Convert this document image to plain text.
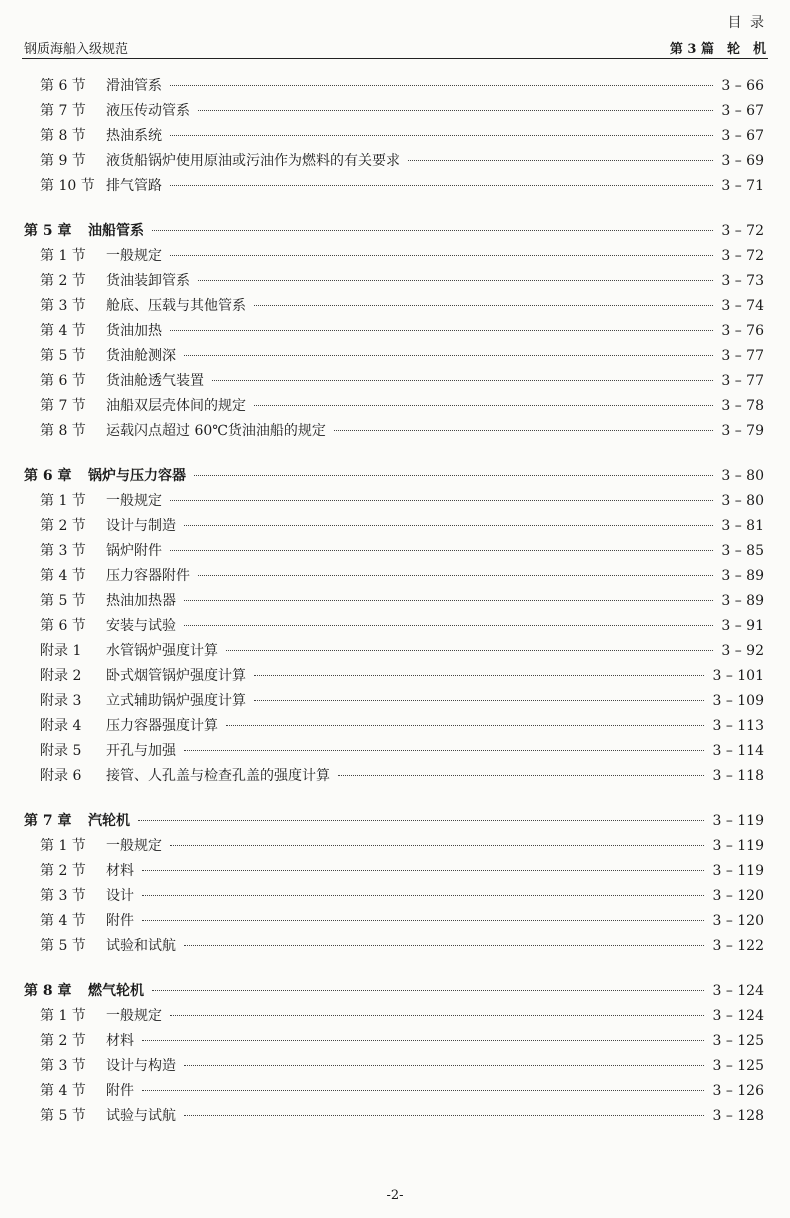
目 录
钢质海船入级规范	第 3 篇　轮　机
第 6 节	滑油管系	3 – 66
第 7 节	液压传动管系	3 – 67
第 8 节	热油系统	3 – 67
第 9 节	液货船锅炉使用原油或污油作为燃料的有关要求	3 – 69
第 10 节 排气管路	3 – 71
第 5 章	油船管系	3 – 72
第 1 节	一般规定	3 – 72
第 2 节	货油装卸管系	3 – 73
第 3 节	舱底、压载与其他管系	3 – 74
第 4 节	货油加热	3 – 76
第 5 节	货油舱测深	3 – 77
第 6 节	货油舱透气装置	3 – 77
第 7 节	油船双层壳体间的规定	3 – 78
第 8 节	运载闪点超过 60℃货油油船的规定	3 – 79
第 6 章	锅炉与压力容器	3 – 80
第 1 节	一般规定	3 – 80
第 2 节	设计与制造	3 – 81
第 3 节	锅炉附件	3 – 85
第 4 节	压力容器附件	3 – 89
第 5 节	热油加热器	3 – 89
第 6 节	安装与试验	3 – 91
附录 1	水管锅炉强度计算	3 – 92
附录 2	卧式烟管锅炉强度计算	3 – 101
附录 3	立式辅助锅炉强度计算	3 – 109
附录 4	压力容器强度计算	3 – 113
附录 5	开孔与加强	3 – 114
附录 6	接管、人孔盖与检查孔盖的强度计算	3 – 118
第 7 章	汽轮机	3 – 119
第 1 节	一般规定	3 – 119
第 2 节	材料	3 – 119
第 3 节	设计	3 – 120
第 4 节	附件	3 – 120
第 5 节	试验和试航	3 – 122
第 8 章	燃气轮机	3 – 124
第 1 节	一般规定	3 – 124
第 2 节	材料	3 – 125
第 3 节	设计与构造	3 – 125
第 4 节	附件	3 – 126
第 5 节	试验与试航	3 – 128
-2-
